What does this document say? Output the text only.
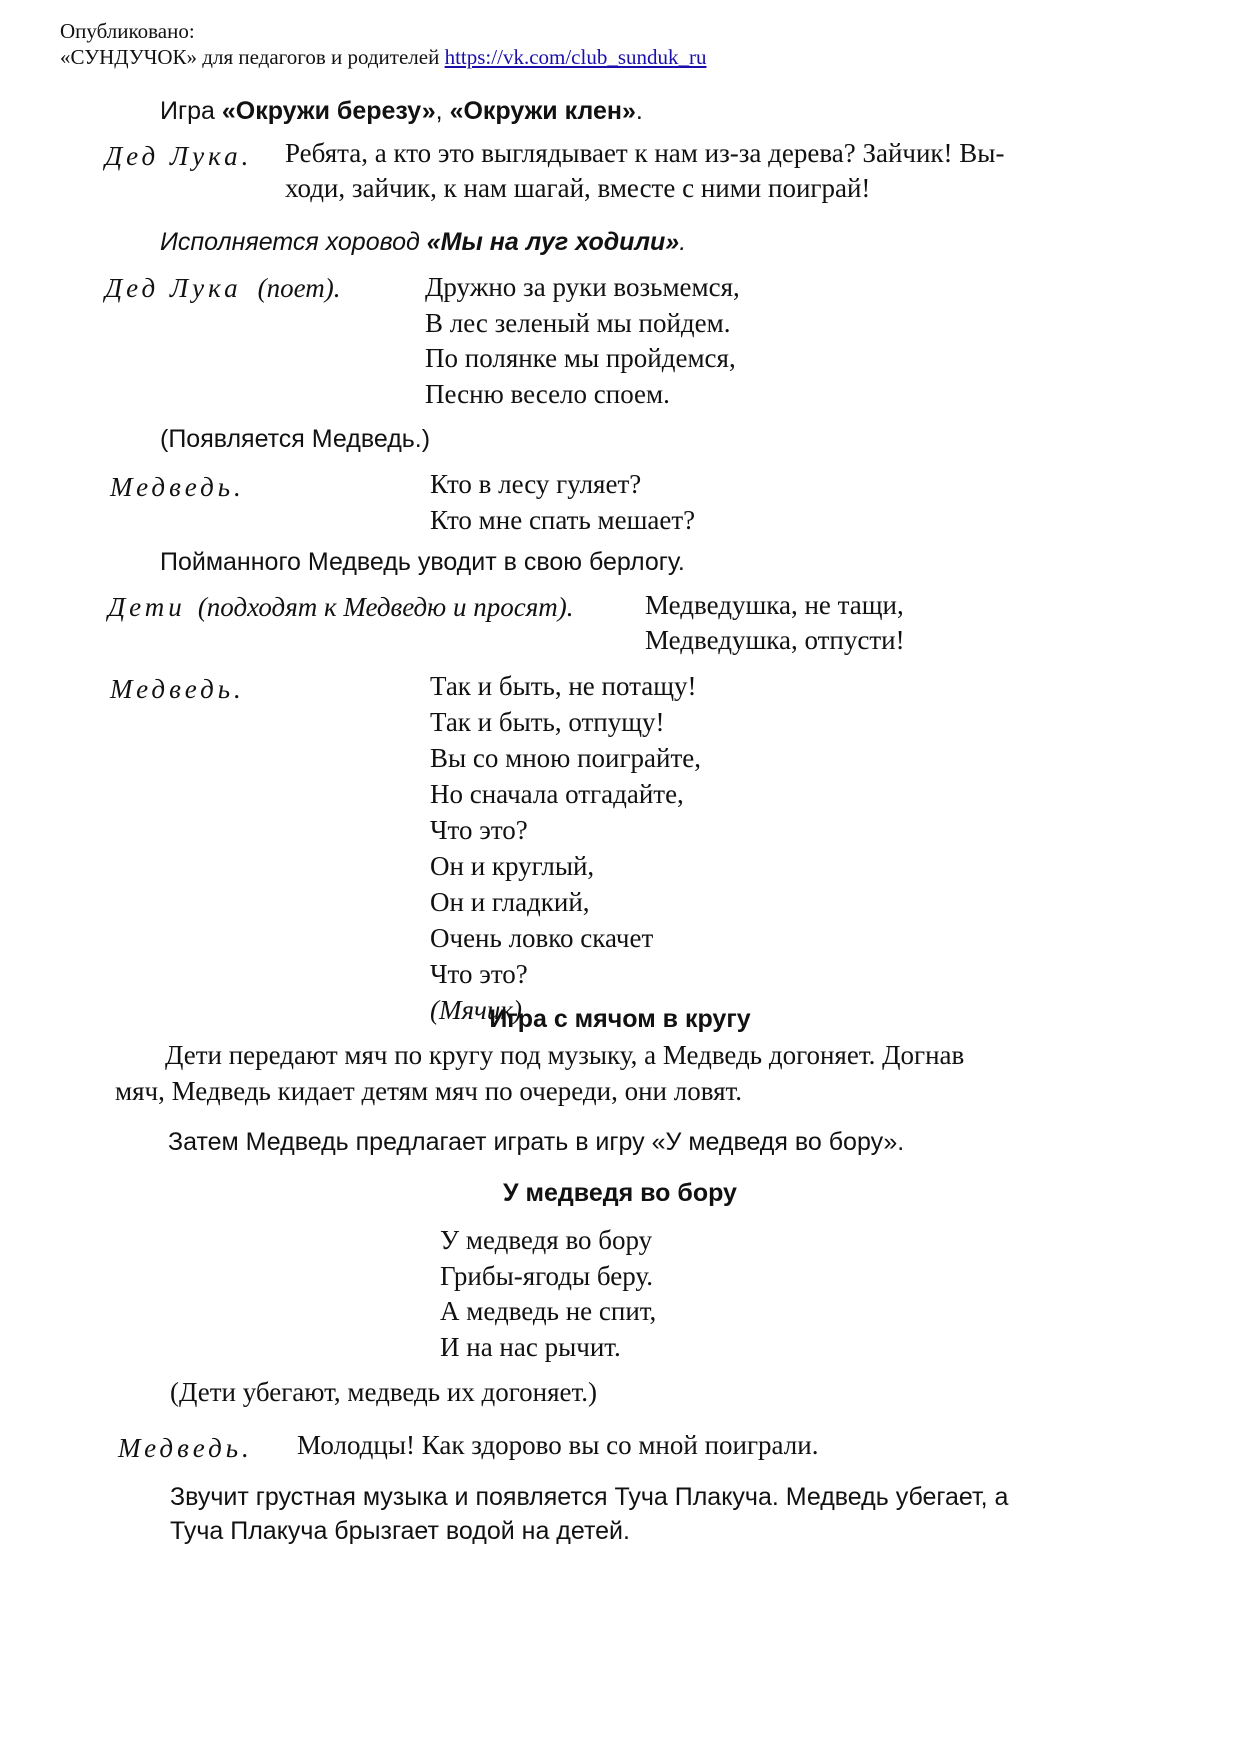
Опубликовано:
«СУНДУЧОК» для педагогов и родителей https://vk.com/club_sunduk_ru
Игра «Окружи березу», «Окружи клен».
Дед Лука. Ребята, а кто это выглядывает к нам из-за дерева? Зайчик! Вы-
ходи, зайчик, к нам шагай, вместе с ними поиграй!
Исполняется хоровод «Мы на луг ходили».
Дед Лука (поет).	Дружно за руки возьмемся,
В лес зеленый мы пойдем.
По полянке мы пройдемся,
Песню весело споем.
(Появляется Медведь.)
Медведь.	Кто в лесу гуляет?
Кто мне спать мешает?
Пойманного Медведь уводит в свою берлогу.
Дети (подходят к Медведю и просят).	Медведушка, не тащи,
Медведушка, отпусти!
Медведь.	Так и быть, не потащу!
Так и быть, отпущу!
Вы со мною поиграйте,
Но сначала отгадайте,
Что это?
Он и круглый,
Он и гладкий,
Очень ловко скачет
Что это?
(Мячик)
Игра с мячом в кругу
Дети передают мяч по кругу под музыку, а Медведь догоняет. Догнав
мяч, Медведь кидает детям мяч по очереди, они ловят.
Затем Медведь предлагает играть в игру «У медведя во бору».
У медведя во бору
У медведя во бору
Грибы-ягоды беру.
А медведь не спит,
И на нас рычит.
(Дети убегают, медведь их догоняет.)
Медведь. Молодцы! Как здорово вы со мной поиграли.
Звучит грустная музыка и появляется Туча Плакуча. Медведь убегает, а
Туча Плакуча брызгает водой на детей.
